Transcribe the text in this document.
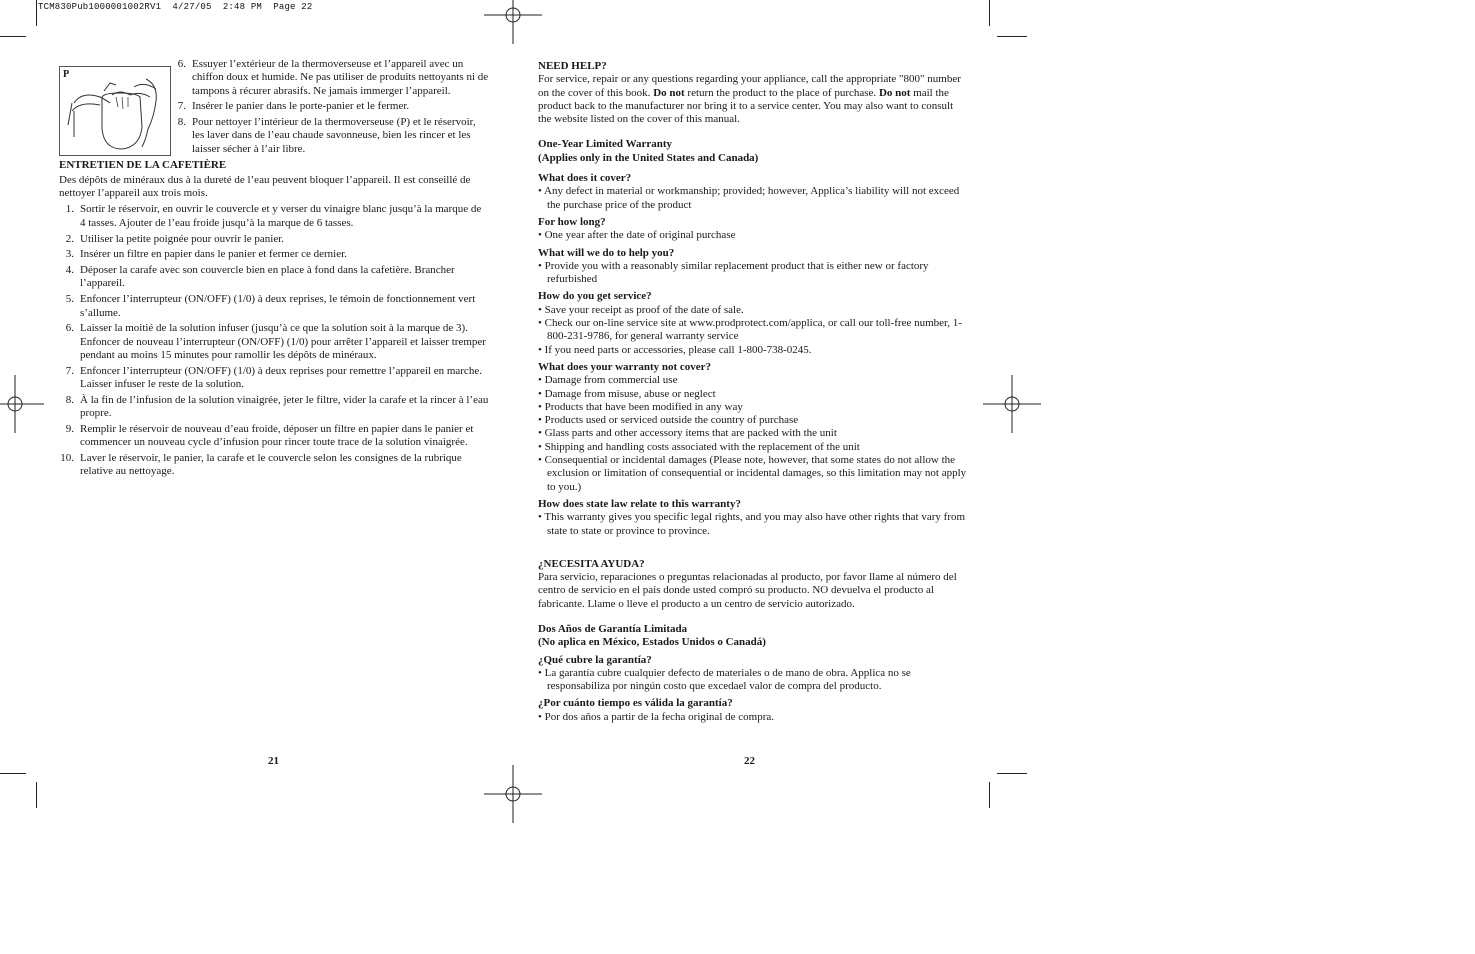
TCM830Pub1000001002RV1  4/27/05  2:48 PM  Page 22
P
6. Essuyer l’extérieur de la thermoverseuse et l’appareil avec un chiffon doux et humide. Ne pas utiliser de produits nettoyants ni de tampons à récurer abrasifs. Ne jamais immerger l’appareil.
7. Insérer le panier dans le porte-panier et le fermer.
8. Pour nettoyer l’intérieur de la thermoverseuse (P) et le réservoir, les laver dans de l’eau chaude savonneuse, bien les rincer et les laisser sécher à l’air libre.

ENTRETIEN DE LA CAFETIÈRE

Des dépôts de minéraux dus à la dureté de l’eau peuvent bloquer l’appareil. Il est conseillé de nettoyer l’appareil aux trois mois.

1. Sortir le réservoir, en ouvrir le couvercle et y verser du vinaigre blanc jusqu’à la marque de 4 tasses. Ajouter de l’eau froide jusqu’à la marque de 6 tasses.
2. Utiliser la petite poignée pour ouvrir le panier.
3. Insérer un filtre en papier dans le panier et fermer ce dernier.
4. Déposer la carafe avec son couvercle bien en place à fond dans la cafetière. Brancher l’appareil.
5. Enfoncer l’interrupteur (ON/OFF) (1/0) à deux reprises, le témoin de fonctionnement vert s’allume.
6. Laisser la moitié de la solution infuser (jusqu’à ce que la solution soit à la marque de 3). Enfoncer de nouveau l’interrupteur (ON/OFF) (1/0) pour arrêter l’appareil et laisser tremper pendant au moins 15 minutes pour ramollir les dépôts de minéraux.
7. Enfoncer l’interrupteur (ON/OFF) (1/0) à deux reprises pour remettre l’appareil en marche. Laisser infuser le reste de la solution.
8. À la fin de l’infusion de la solution vinaigrée, jeter le filtre, vider la carafe et la rincer à l’eau propre.
9. Remplir le réservoir de nouveau d’eau froide, déposer un filtre en papier dans le panier et commencer un nouveau cycle d’infusion pour rincer toute trace de la solution vinaigrée.
10. Laver le réservoir, le panier, la carafe et le couvercle selon les consignes de la rubrique relative au nettoyage.
21

NEED HELP?

For service, repair or any questions regarding your appliance, call the appropriate "800" number on the cover of this book. Do not return the product to the place of purchase. Do not mail the product back to the manufacturer nor bring it to a service center. You may also want to consult the website listed on the cover of this manual.

One-Year Limited Warranty

(Applies only in the United States and Canada)

What does it cover?

• Any defect in material or workmanship; provided; however, Applica’s liability will not exceed the purchase price of the product

For how long?

• One year after the date of original purchase

What will we do to help you?

• Provide you with a reasonably similar replacement product that is either new or factory refurbished

How do you get service?

• Save your receipt as proof of the date of sale.

• Check our on-line service site at www.prodprotect.com/applica, or call our toll-free number, 1-800-231-9786, for general warranty service

• If you need parts or accessories, please call 1-800-738-0245.

What does your warranty not cover?

• Damage from commercial use

• Damage from misuse, abuse or neglect

• Products that have been modified in any way

• Products used or serviced outside the country of purchase

• Glass parts and other accessory items that are packed with the unit

• Shipping and handling costs associated with the replacement of the unit

• Consequential or incidental damages (Please note, however, that some states do not allow the exclusion or limitation of consequential or incidental damages, so this limitation may not apply to you.)

How does state law relate to this warranty?

• This warranty gives you specific legal rights, and you may also have other rights that vary from state to state or province to province.

¿NECESITA AYUDA?

Para servicio, reparaciones o preguntas relacionadas al producto, por favor llame al número del centro de servicio en el país donde usted compró su producto. NO devuelva el producto al fabricante. Llame o lleve el producto a un centro de servicio autorizado.

Dos Años de Garantía Limitada

(No aplica en México, Estados Unidos o Canadá)

¿Qué cubre la garantía?

• La garantía cubre cualquier defecto de materiales o de mano de obra. Applica no se responsabiliza por ningún costo que excedael valor de compra del producto.

¿Por cuánto tiempo es válida la garantía?

• Por dos años a partir de la fecha original de compra.

22
